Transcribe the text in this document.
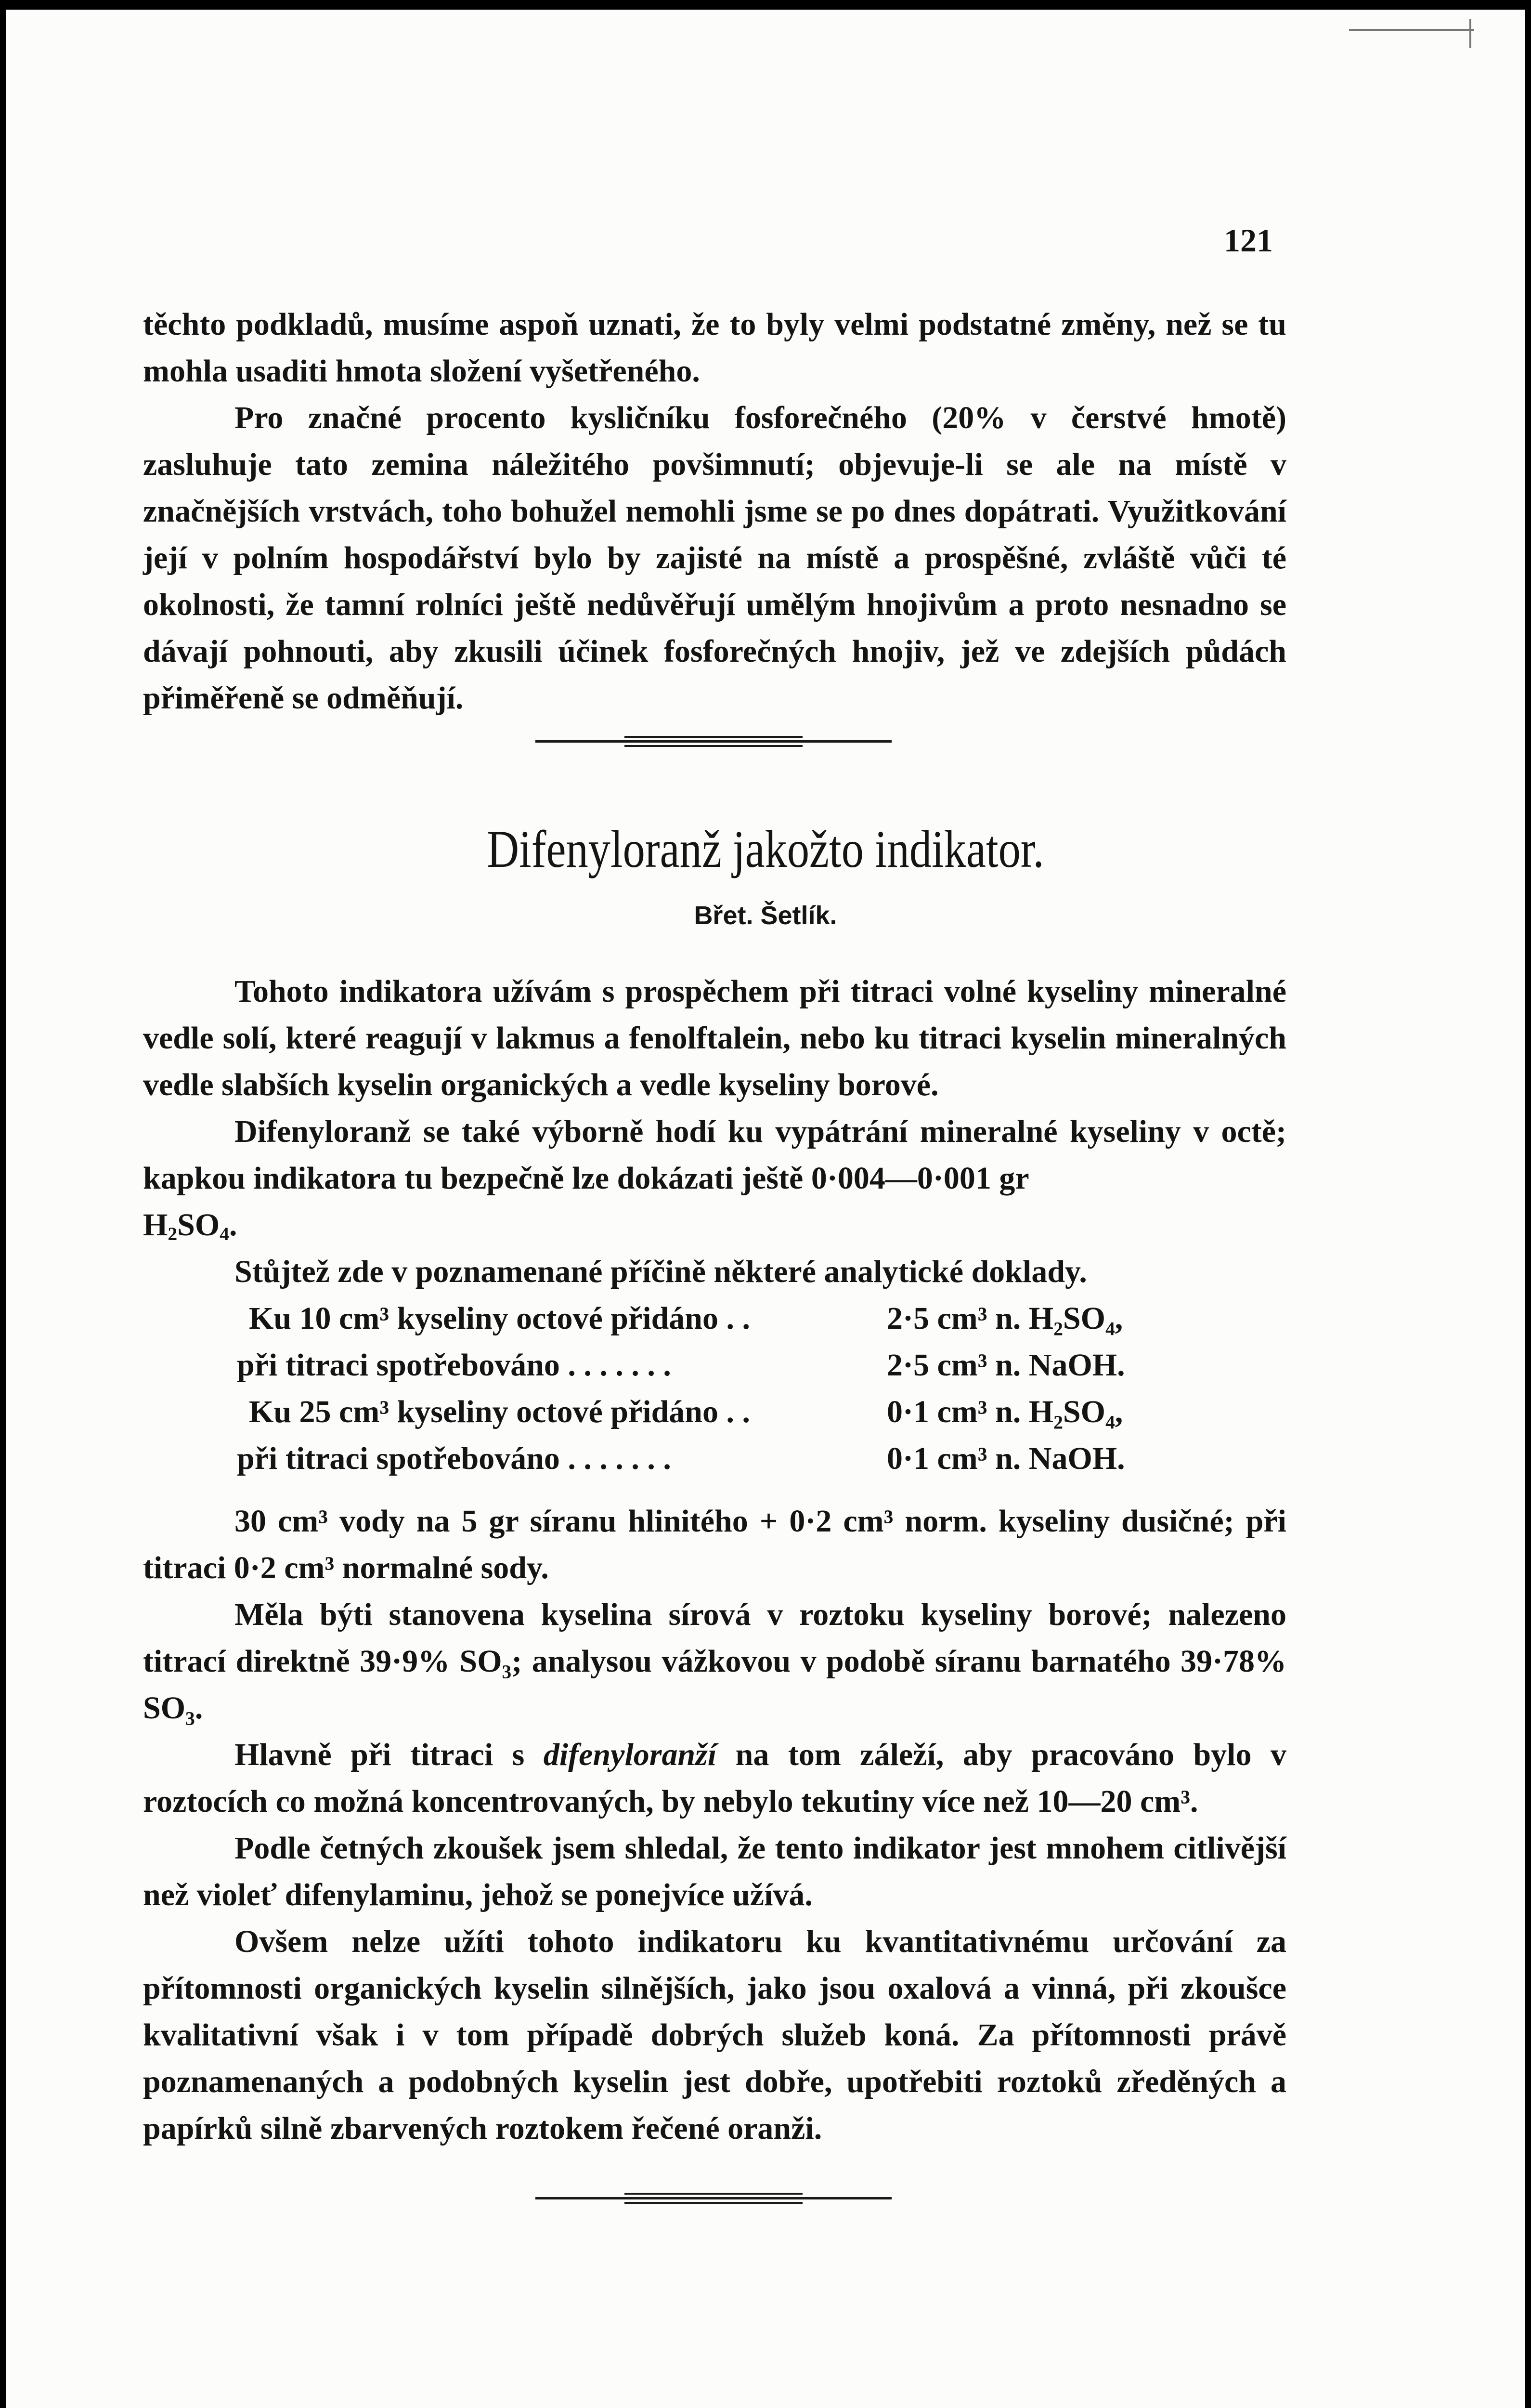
121

těchto podkladů, musíme aspoň uznati, že to byly velmi podstatné změny, než se tu mohla usaditi hmota složení vyšetřeného.

Pro značné procento kysličníku fosforečného (20% v čerstvé hmotě) zasluhuje tato zemina náležitého povšimnutí; objevuje-li se ale na místě v značnějších vrstvách, toho bohužel nemohli jsme se po dnes dopátrati. Využitkování její v polním hospodářství bylo by zajisté na místě a prospěšné, zvláště vůči té okolnosti, že tamní rolníci ještě nedůvěřují umělým hnojivům a proto nesnadno se dávají pohnouti, aby zkusili účinek fosforečných hnojiv, jež ve zdejších půdách přiměřeně se odměňují.

Difenyloranž jakožto indikator.

Břet. Šetlík.

Tohoto indikatora užívám s prospěchem při titraci volné kyseliny mineralné vedle solí, které reagují v lakmus a fenolftalein, nebo ku titraci kyselin mineralných vedle slabších kyselin organických a vedle kyseliny borové.

Difenyloranž se také výborně hodí ku vypátrání mineralné kyseliny v octě; kapkou indikatora tu bezpečně lze dokázati ještě 0·004—0·001 gr
$H_2SO_4$.

Stůjtež zde v poznamenané příčině některé analytické doklady.

Ku 10 cm³ kyseliny octové přidáno . .	2·5 cm³ n. H₂SO₄,
při titraci spotřebováno . . . . . . .	2·5 cm³ n. NaOH.
Ku 25 cm³ kyseliny octové přidáno . .	0·1 cm³ n. H₂SO₄,
při titraci spotřebováno . . . . . . .	0·1 cm³ n. NaOH.

30 cm³ vody na 5 gr síranu hlinitého + 0·2 cm³ norm. kyseliny dusičné; při titraci 0·2 cm³ normalné sody.

Měla býti stanovena kyselina sírová v roztoku kyseliny borové; nalezeno titrací direktně 39·9% SO₃; analysou vážkovou v podobě síranu barnatého 39·78% SO₃.

Hlavně při titraci s difenyloranží na tom záleží, aby pracováno bylo v roztocích co možná koncentrovaných, by nebylo tekutiny více než 10—20 cm³.

Podle četných zkoušek jsem shledal, že tento indikator jest mnohem citlivější než violeť difenylaminu, jehož se ponejvíce užívá.

Ovšem nelze užíti tohoto indikatoru ku kvantitativnému určování za přítomnosti organických kyselin silnějších, jako jsou oxalová a vinná, při zkoušce kvalitativní však i v tom případě dobrých služeb koná. Za přítomnosti právě poznamenaných a podobných kyselin jest dobře, upotřebiti roztoků zředěných a papírků silně zbarvených roztokem řečené oranži.
